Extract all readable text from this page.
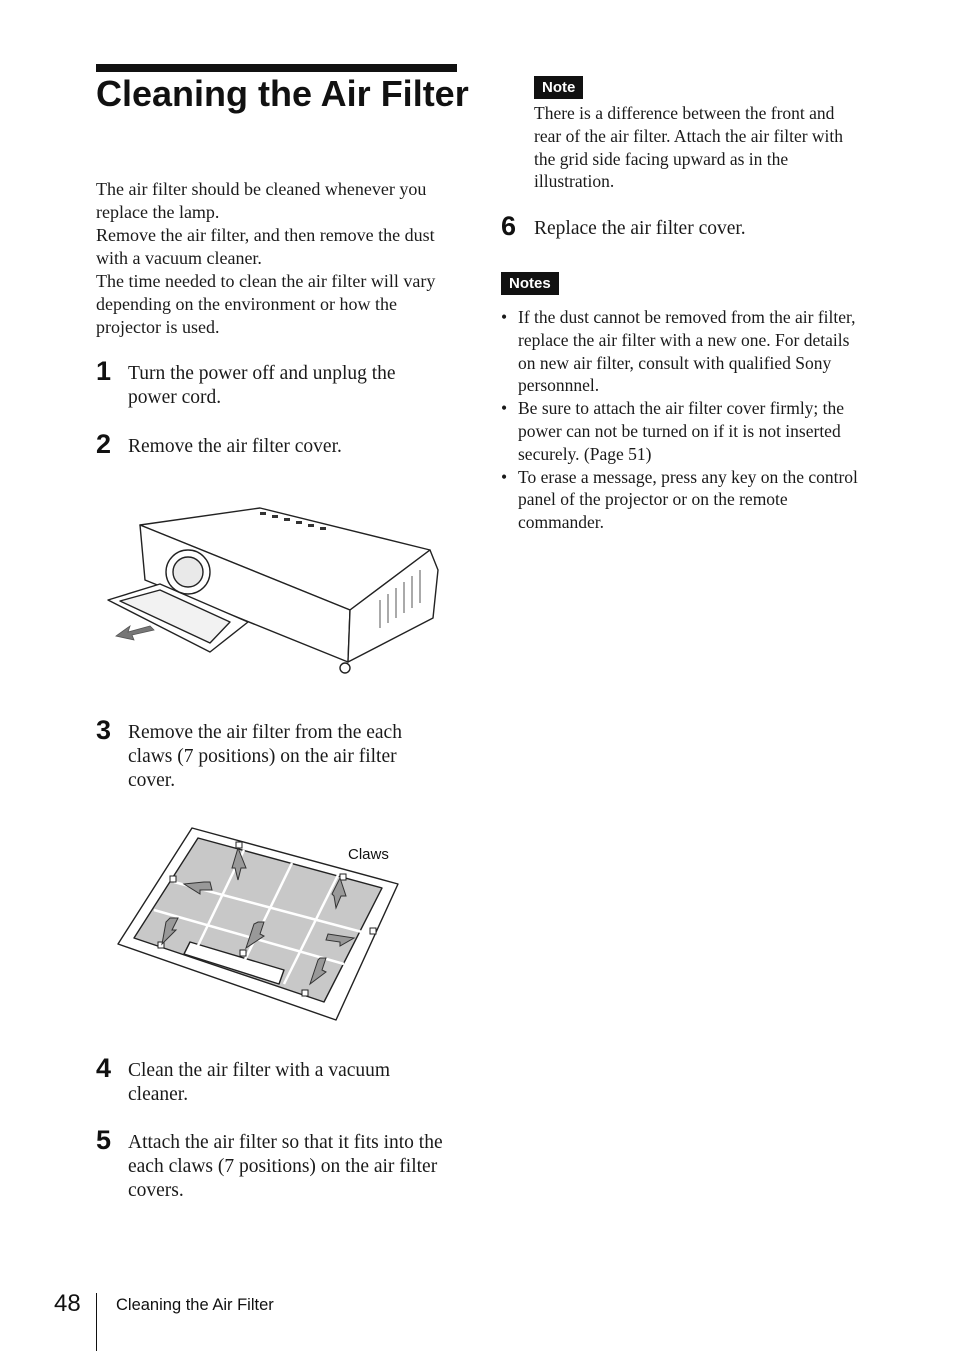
Cleaning the Air Filter

The air filter should be cleaned whenever you replace the lamp.

Remove the air filter, and then remove the dust with a vacuum cleaner.

The time needed to clean the air filter will vary depending on the environment or how the projector is used.

1 Turn the power off and unplug the power cord.
2 Remove the air filter cover.
3 Remove the air filter from the each claws (7 positions) on the air filter cover.
Claws
4 Clean the air filter with a vacuum cleaner.
5 Attach the air filter so that it fits into the each claws (7 positions) on the air filter covers.
Note
There is a difference between the front and rear of the air filter. Attach the air filter with the grid side facing upward as in the illustration.
6 Replace the air filter cover.
Notes
• If the dust cannot be removed from the air filter, replace the air filter with a new one. For details on new air filter, consult with qualified Sony personnnel.
• Be sure to attach the air filter cover firmly; the power can not be turned on if it is not inserted securely. (Page 51)
• To erase a message, press any key on the control panel of the projector or on the remote commander.
48 Cleaning the Air Filter
